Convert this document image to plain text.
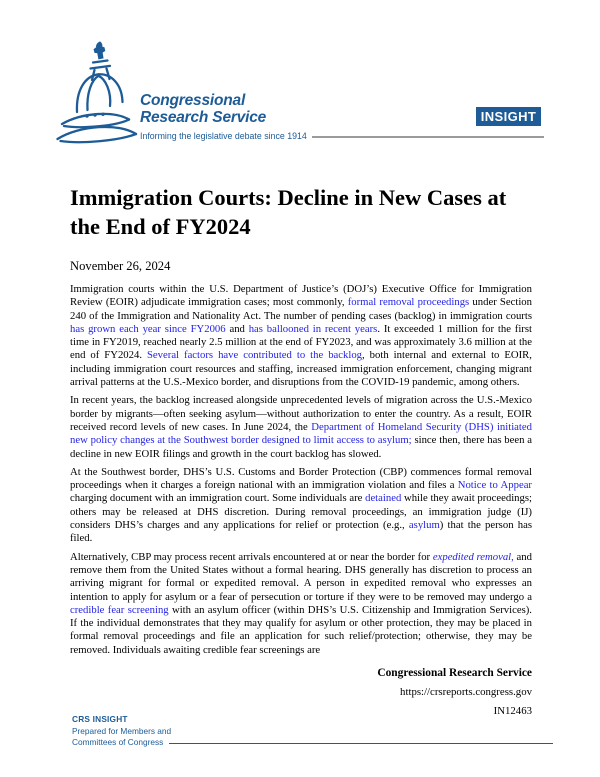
Congressional
Research Service
Informing the legislative debate since 1914
INSIGHT
Immigration Courts: Decline in New Cases at the End of FY2024
November 26, 2024

Immigration courts within the U.S. Department of Justice’s (DOJ’s) Executive Office for Immigration Review (EOIR) adjudicate immigration cases; most commonly, formal removal proceedings under Section 240 of the Immigration and Nationality Act. The number of pending cases (backlog) in immigration courts has grown each year since FY2006 and has ballooned in recent years. It exceeded 1 million for the first time in FY2019, reached nearly 2.5 million at the end of FY2023, and was approximately 3.6 million at the end of FY2024. Several factors have contributed to the backlog, both internal and external to EOIR, including immigration court resources and staffing, increased immigration enforcement, changing migrant arrival patterns at the U.S.-Mexico border, and disruptions from the COVID-19 pandemic, among others.

In recent years, the backlog increased alongside unprecedented levels of migration across the U.S.-Mexico border by migrants—often seeking asylum—without authorization to enter the country. As a result, EOIR received record levels of new cases. In June 2024, the Department of Homeland Security (DHS) initiated new policy changes at the Southwest border designed to limit access to asylum; since then, there has been a decline in new EOIR filings and growth in the court backlog has slowed.

At the Southwest border, DHS’s U.S. Customs and Border Protection (CBP) commences formal removal proceedings when it charges a foreign national with an immigration violation and files a Notice to Appear charging document with an immigration court. Some individuals are detained while they await proceedings; others may be released at DHS discretion. During removal proceedings, an immigration judge (IJ) considers DHS’s charges and any applications for relief or protection (e.g., asylum) that the person has filed.

Alternatively, CBP may process recent arrivals encountered at or near the border for expedited removal, and remove them from the United States without a formal hearing. DHS generally has discretion to process an arriving migrant for formal or expedited removal. A person in expedited removal who expresses an intention to apply for asylum or a fear of persecution or torture if they were to be removed may undergo a credible fear screening with an asylum officer (within DHS’s U.S. Citizenship and Immigration Services). If the individual demonstrates that they may qualify for asylum or other protection, they may be placed in formal removal proceedings and file an application for such relief/protection; otherwise, they may be removed. Individuals awaiting credible fear screenings are

Congressional Research Service
https://crsreports.congress.gov
IN12463
CRS INSIGHT
Prepared for Members and
Committees of Congress
